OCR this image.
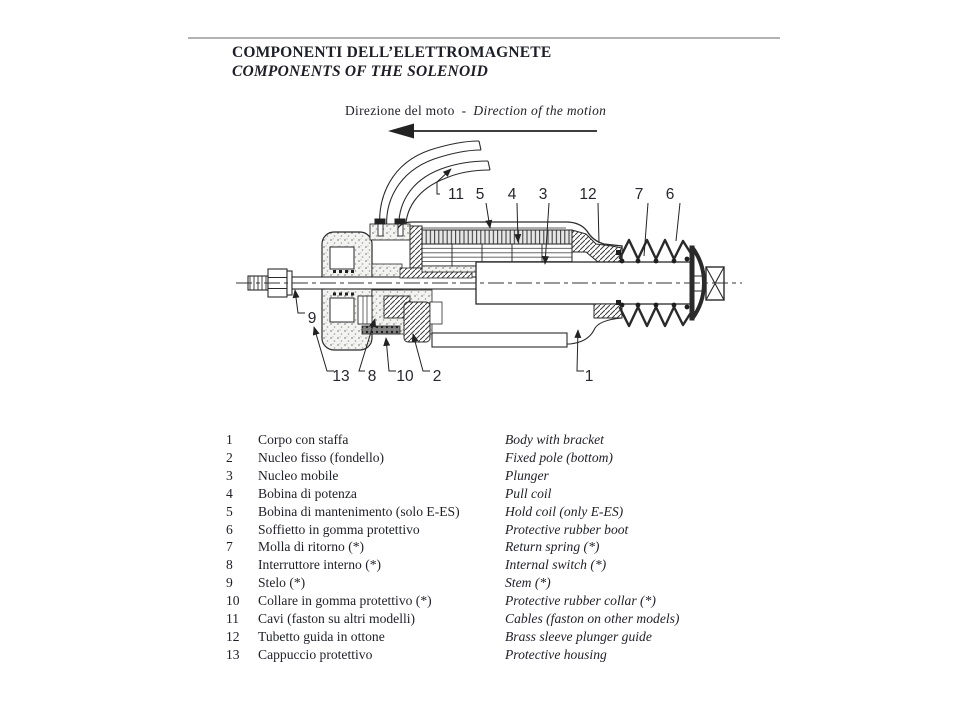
COMPONENTI DELL’ELETTROMAGNETE
COMPONENTS OF THE SOLENOID
Direzione del moto - Direction of the motion
11 5 4 3 12 7 6
9
13 8 10 2	1
1	Corpo con staffa	Body with bracket
2	Nucleo fisso (fondello)	Fixed pole (bottom)
3	Nucleo mobile	Plunger
4	Bobina di potenza	Pull coil
5	Bobina di mantenimento (solo E-ES)	Hold coil (only E-ES)
6	Soffietto in gomma protettivo	Protective rubber boot
7	Molla di ritorno (*)	Return spring (*)
8	Interruttore interno (*)	Internal switch (*)
9	Stelo (*)	Stem (*)
10	Collare in gomma protettivo (*)	Protective rubber collar (*)
11	Cavi (faston su altri modelli)	Cables (faston on other models)
12	Tubetto guida in ottone	Brass sleeve plunger guide
13	Cappuccio protettivo	Protective housing
